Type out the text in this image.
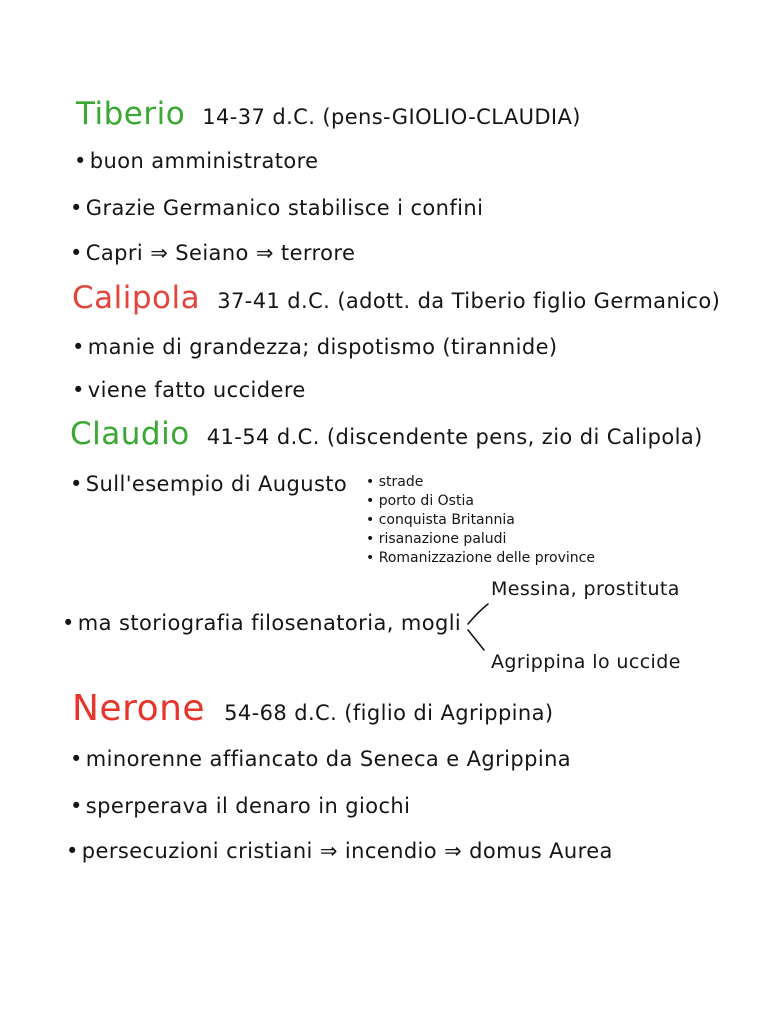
Tiberio 14-37 d.C. (pens-GIOLIO-CLAUDIA)
• buon amministratore
• Grazie Germanico stabilisce i confini
• Capri ⇒ Seiano ⇒ terrore
Calipola 37-41 d.C. (adott. da Tiberio figlio Germanico)
• manie di grandezza; dispotismo (tirannide)
• viene fatto uccidere
Claudio 41-54 d.C. (discendente pens, zio di Calipola)
• Sull'esempio di Augusto • strade
• porto di Ostia
• conquista Britannia
• risanazione paludi
• Romanizzazione delle province
• ma storiografia filosenatoria, mogli
Messina, prostituta
Agrippina lo uccide
Nerone 54-68 d.C. (figlio di Agrippina)
• minorenne affiancato da Seneca e Agrippina
• sperperava il denaro in giochi
• persecuzioni cristiani ⇒ incendio ⇒ domus Aurea
